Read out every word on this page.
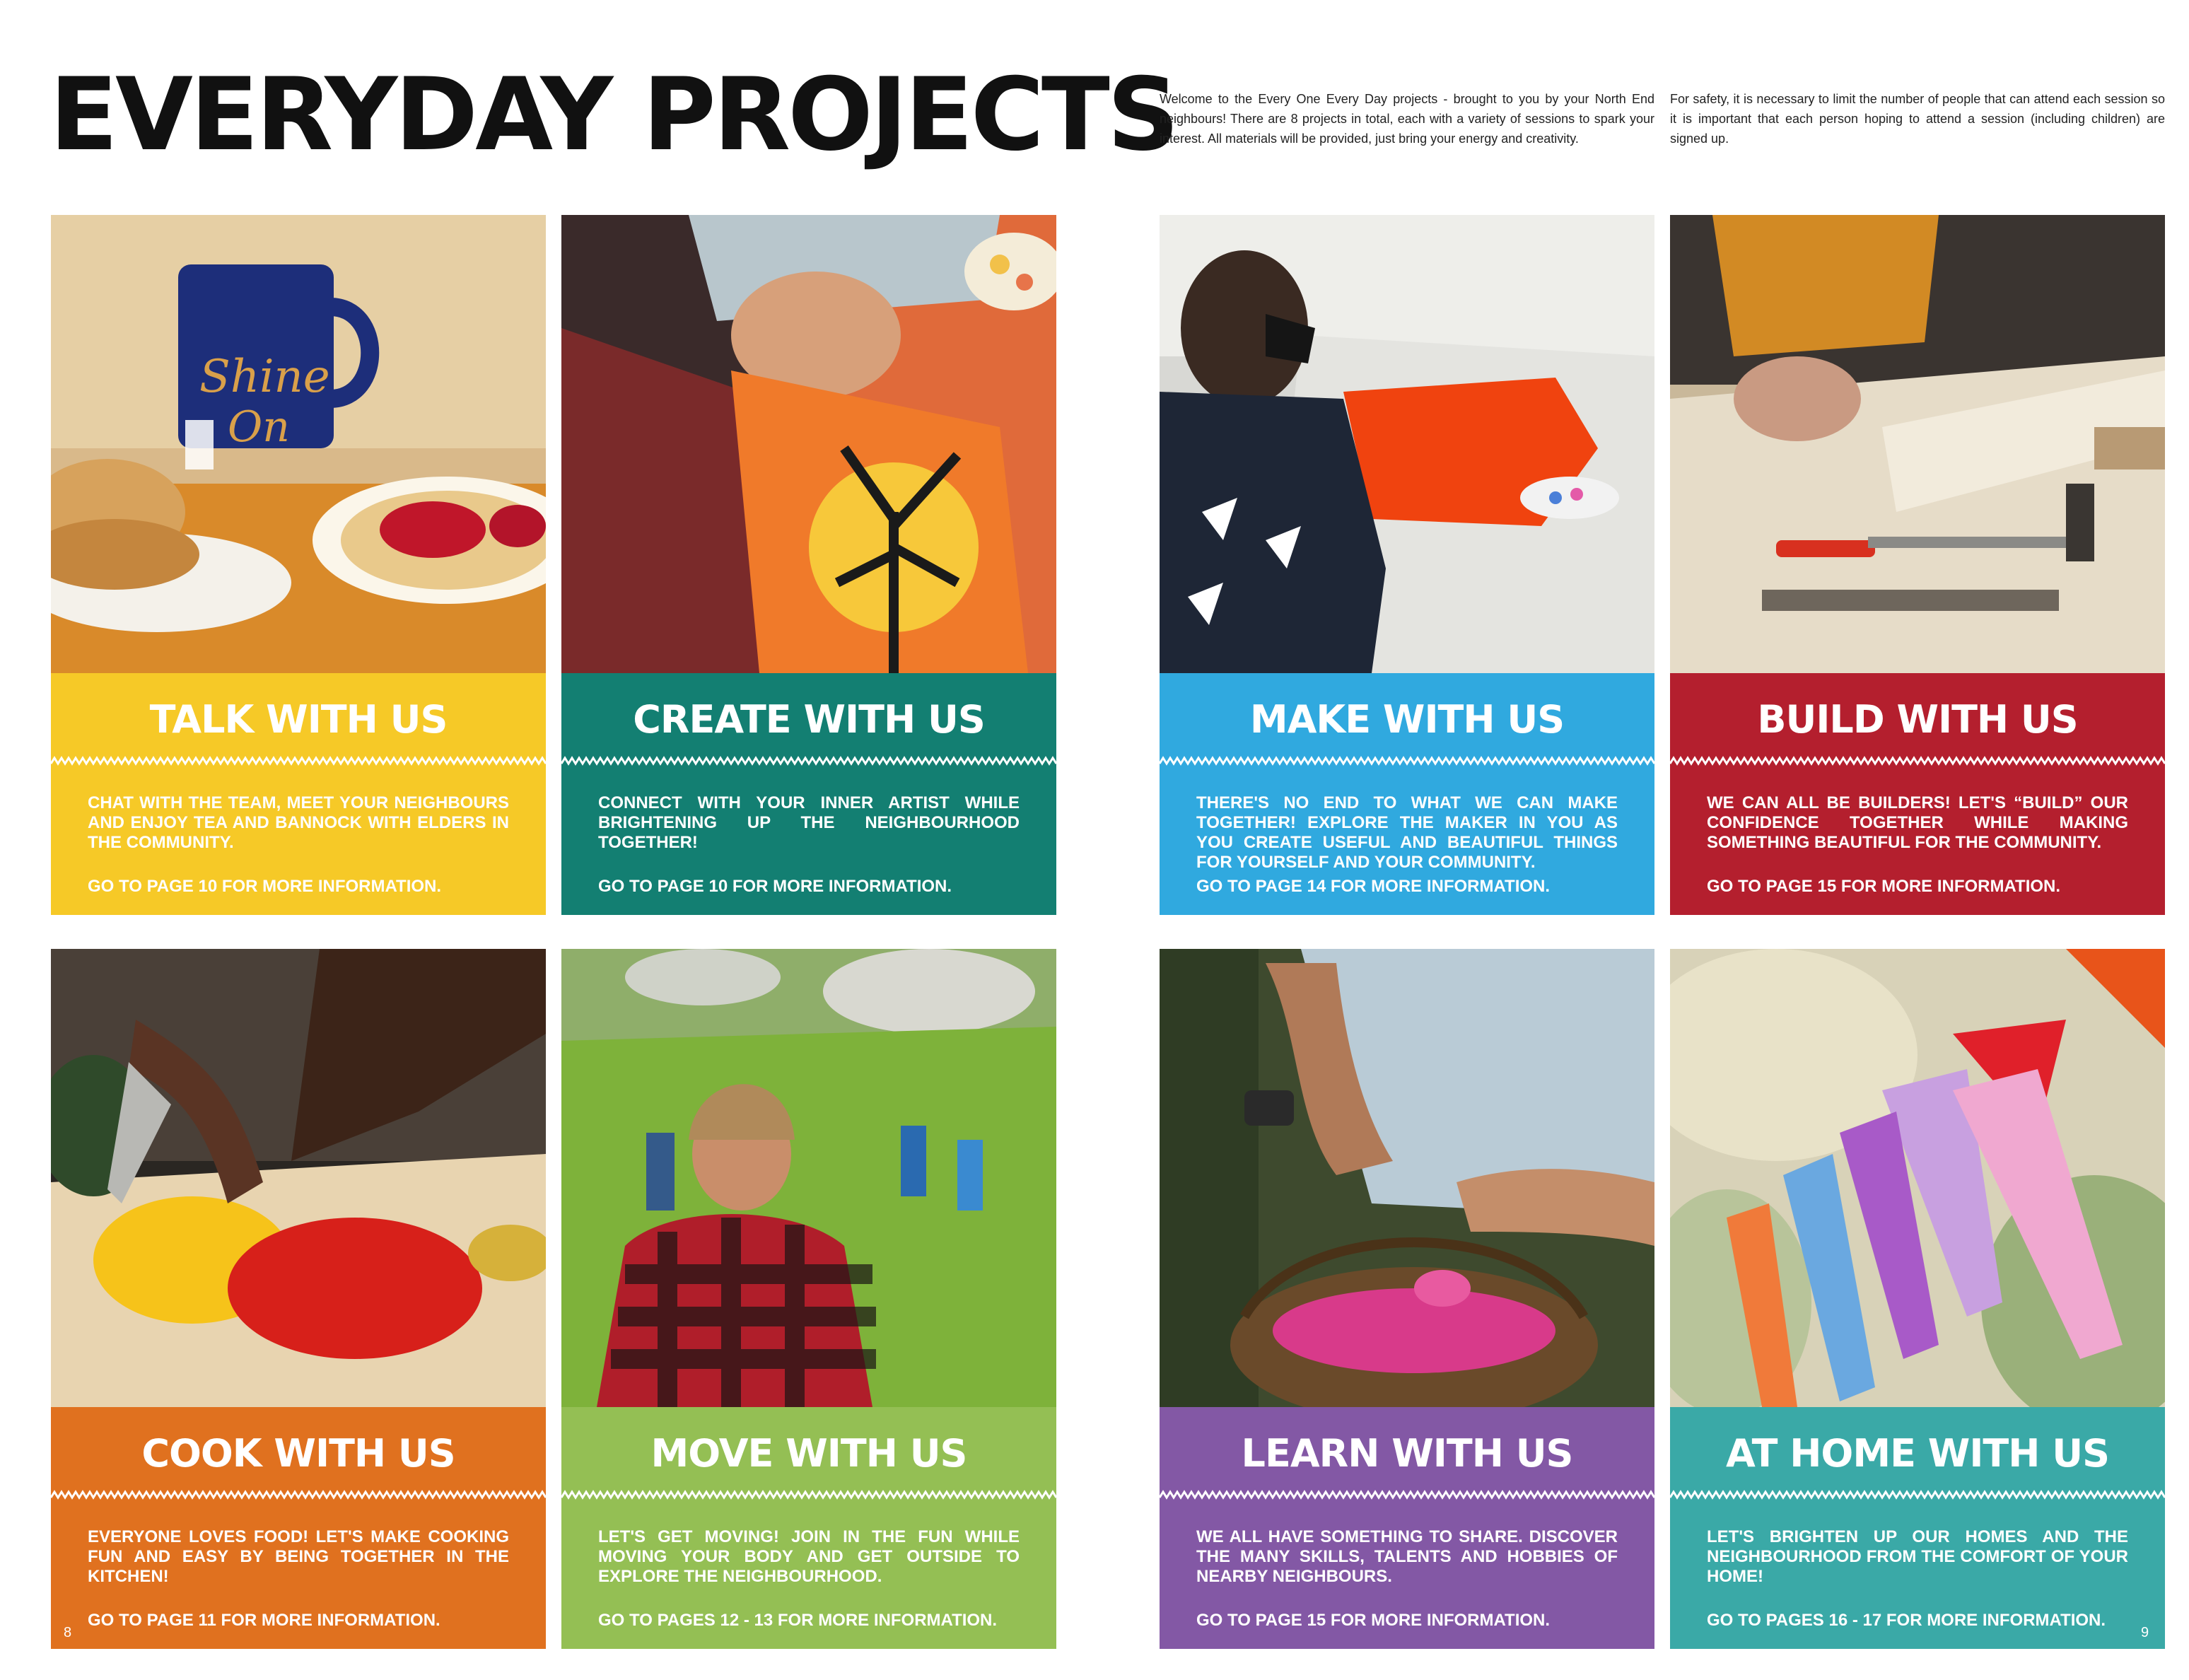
EVERYDAY PROJECTS

Welcome to the Every One Every Day projects - brought to you by your North End neighbours! There are 8 projects in total, each with a variety of sessions to spark your interest. All materials will be provided, just bring your energy and creativity.

For safety, it is necessary to limit the number of people that can attend each session so it is important that each person hoping to attend a session (including children) are signed up.

Shine
On
TALK WITH US

CHAT WITH THE TEAM, MEET YOUR NEIGHBOURS AND ENJOY TEA AND BANNOCK WITH ELDERS IN THE COMMUNITY.

GO TO PAGE 10 FOR MORE INFORMATION.

CREATE WITH US

CONNECT WITH YOUR INNER ARTIST WHILE BRIGHTENING UP THE NEIGHBOURHOOD TOGETHER!

GO TO PAGE 10 FOR MORE INFORMATION.

MAKE WITH US

THERE'S NO END TO WHAT WE CAN MAKE TOGETHER! EXPLORE THE MAKER IN YOU AS YOU CREATE USEFUL AND BEAUTIFUL THINGS FOR YOURSELF AND YOUR COMMUNITY.

GO TO PAGE 14 FOR MORE INFORMATION.

BUILD WITH US

WE CAN ALL BE BUILDERS! LET'S “BUILD” OUR CONFIDENCE TOGETHER WHILE MAKING SOMETHING BEAUTIFUL FOR THE COMMUNITY.

GO TO PAGE 15 FOR MORE INFORMATION.

COOK WITH US

EVERYONE LOVES FOOD! LET'S MAKE COOKING FUN AND EASY BY BEING TOGETHER IN THE KITCHEN!

GO TO PAGE 11 FOR MORE INFORMATION.

MOVE WITH US

LET'S GET MOVING! JOIN IN THE FUN WHILE MOVING YOUR BODY AND GET OUTSIDE TO EXPLORE THE NEIGHBOURHOOD.

GO TO PAGES 12 - 13 FOR MORE INFORMATION.

LEARN WITH US

WE ALL HAVE SOMETHING TO SHARE. DISCOVER THE MANY SKILLS, TALENTS AND HOBBIES OF NEARBY NEIGHBOURS.

GO TO PAGE 15 FOR MORE INFORMATION.

AT HOME WITH US

LET'S BRIGHTEN UP OUR HOMES AND THE NEIGHBOURHOOD FROM THE COMFORT OF YOUR HOME!

GO TO PAGES 16 - 17 FOR MORE INFORMATION.

8	9
